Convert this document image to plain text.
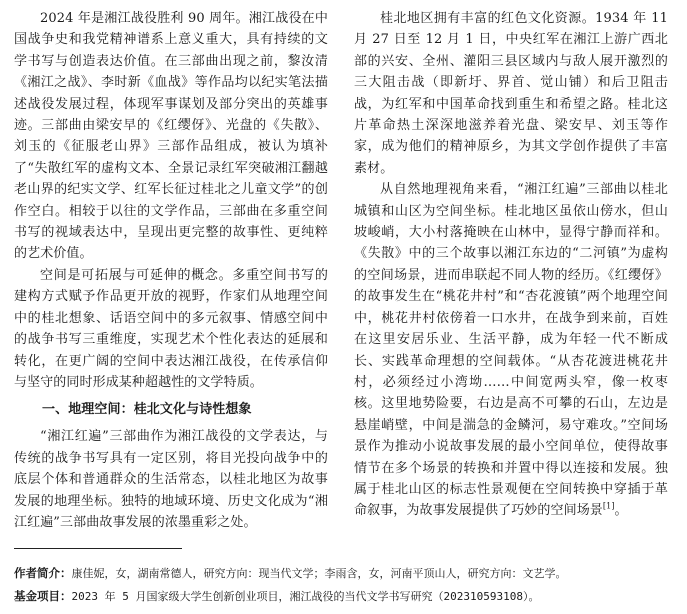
2024 年是湘江战役胜利 90 周年。湘江战役在中国战争史和我党精神谱系上意义重大，具有持续的文学书写与创造表达价值。在三部曲出现之前，黎汝清《湘江之战》、李时新《血战》等作品均以纪实笔法描述战役发展过程，体现军事谋划及部分突出的英雄事迹。三部曲由梁安早的《红缨伢》、光盘的《失散》、刘玉的《征服老山界》三部作品组成，被认为填补了“失散红军的虚构文本、全景记录红军突破湘江翻越老山界的纪实文学、红军长征过桂北之儿童文学”的创作空白。相较于以往的文学作品，三部曲在多重空间书写的视域表达中，呈现出更完整的故事性、更纯粹的艺术价值。

空间是可拓展与可延伸的概念。多重空间书写的建构方式赋予作品更开放的视野，作家们从地理空间中的桂北想象、话语空间中的多元叙事、情感空间中的战争书写三重维度，实现艺术个性化表达的延展和转化，在更广阔的空间中表达湘江战役，在传承信仰与坚守的同时形成某种超越性的文学特质。

一、地理空间：桂北文化与诗性想象

“湘江红遍”三部曲作为湘江战役的文学表达，与传统的战争书写具有一定区别，将目光投向战争中的底层个体和普通群众的生活常态，以桂北地区为故事发展的地理坐标。独特的地域环境、历史文化成为“湘江红遍”三部曲故事发展的浓墨重彩之处。

桂北地区拥有丰富的红色文化资源。1934 年 11 月 27 日至 12 月 1 日，中央红军在湘江上游广西北部的兴安、全州、灌阳三县区域内与敌人展开激烈的三大阻击战（即新圩、界首、觉山铺）和后卫阻击战，为红军和中国革命找到重生和希望之路。桂北这片革命热土深深地滋养着光盘、梁安早、刘玉等作家，成为他们的精神原乡，为其文学创作提供了丰富素材。

从自然地理视角来看，“湘江红遍”三部曲以桂北城镇和山区为空间坐标。桂北地区虽依山傍水，但山坡峻峭，大小村落掩映在山林中，显得宁静而祥和。《失散》中的三个故事以湘江东边的“二河镇”为虚构的空间场景，进而串联起不同人物的经历。《红缨伢》的故事发生在“桃花井村”和“杏花渡镇”两个地理空间中，桃花井村依傍着一口水井，在战争到来前，百姓在这里安居乐业、生活平静，成为年轻一代不断成长、实践革命理想的空间载体。“从杏花渡进桃花井村，必须经过小湾坳……中间宽两头窄，像一枚枣核。这里地势险要，右边是高不可攀的石山，左边是悬崖峭壁，中间是湍急的金鳞河，易守难攻。”空间场景作为推动小说故事发展的最小空间单位，使得故事情节在多个场景的转换和并置中得以连接和发展。独属于桂北山区的标志性景观便在空间转换中穿插于革命叙事，为故事发展提供了巧妙的空间场景[1]。

作者简介：康佳妮，女，湖南常德人，研究方向：现当代文学；李雨含，女，河南平顶山人，研究方向：文艺学。

基金项目：2023 年 5 月国家级大学生创新创业项目，湘江战役的当代文学书写研究（202310593108）。
